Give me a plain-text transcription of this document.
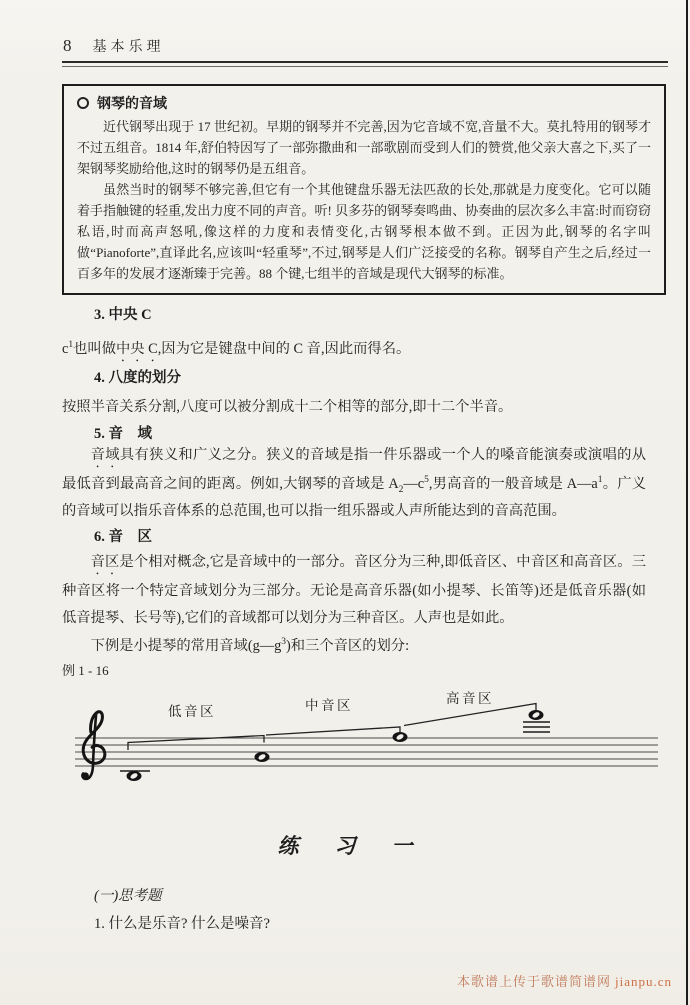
8 基本乐理
钢琴的音域

近代钢琴出现于 17 世纪初。早期的钢琴并不完善,因为它音域不宽,音量不大。莫扎特用的钢琴才不过五组音。1814 年,舒伯特因写了一部弥撒曲和一部歌剧而受到人们的赞赏,他父亲大喜之下,买了一架钢琴奖励给他,这时的钢琴仍是五组音。

虽然当时的钢琴不够完善,但它有一个其他键盘乐器无法匹敌的长处,那就是力度变化。它可以随着手指触键的轻重,发出力度不同的声音。听! 贝多芬的钢琴奏鸣曲、协奏曲的层次多么丰富:时而窃窃私语,时而高声怒吼,像这样的力度和表情变化,古钢琴根本做不到。正因为此,钢琴的名字叫做“Pianoforte”,直译此名,应该叫“轻重琴”,不过,钢琴是人们广泛接受的名称。钢琴自产生之后,经过一百多年的发展才逐渐臻于完善。88 个键,七组半的音域是现代大钢琴的标准。

3. 中央 C

$c^1$也叫做中央 C,因为它是键盘中间的 C 音,因此而得名。

4. 八度的划分

按照半音关系分割,八度可以被分割成十二个相等的部分,即十二个半音。

5. 音　域

音域具有狭义和广义之分。狭义的音域是指一件乐器或一个人的嗓音能演奏或演唱的从最低音到最高音之间的距离。例如,大钢琴的音域是 $A_2—c^5$,男高音的一般音域是 $A—a^1$。广义的音域可以指乐音体系的总范围,也可以指一组乐器或人声所能达到的音高范围。

6. 音　区

音区是个相对概念,它是音域中的一部分。音区分为三种,即低音区、中音区和高音区。三种音区将一个特定音域划分为三部分。无论是高音乐器(如小提琴、长笛等)还是低音乐器(如低音提琴、长号等),它们的音域都可以划分为三种音区。人声也是如此。

下例是小提琴的常用音域$(g—g^3)$和三个音区的划分:

例 1 - 16

低音区	中音区	高音区
练习一

(一)思考题

1. 什么是乐音? 什么是噪音?

本歌谱上传于歌谱简谱网 jianpu.cn
